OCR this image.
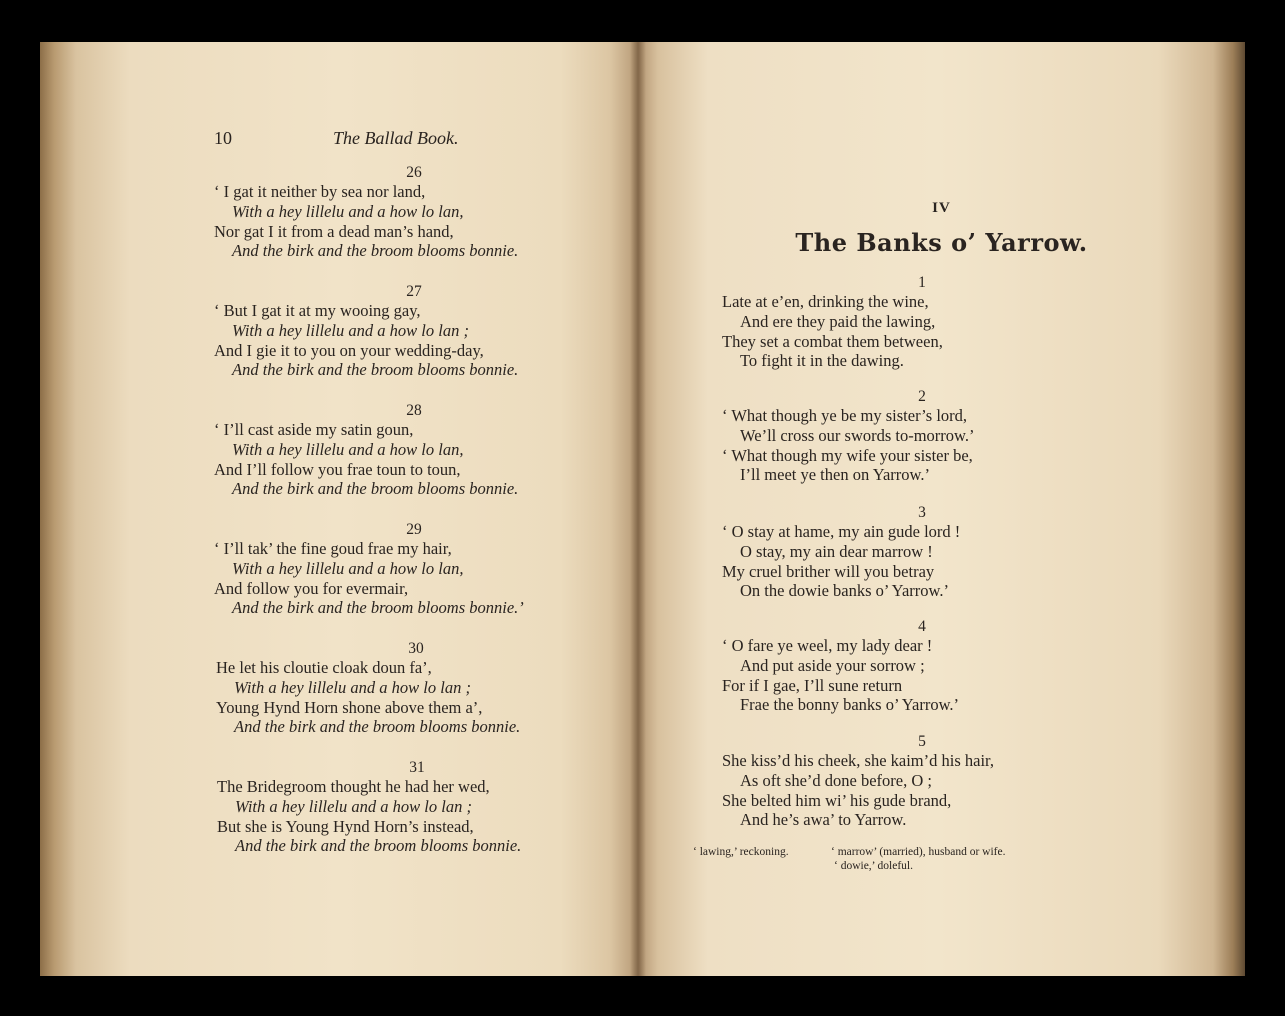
10	The Ballad Book.
26
‘ I gat it neither by sea nor land,
With a hey lillelu and a how lo lan,
Nor gat I it from a dead man’s hand,
And the birk and the broom blooms bonnie.
27
‘ But I gat it at my wooing gay,
With a hey lillelu and a how lo lan ;
And I gie it to you on your wedding-day,
And the birk and the broom blooms bonnie.
28
‘ I’ll cast aside my satin goun,
With a hey lillelu and a how lo lan,
And I’ll follow you frae toun to toun,
And the birk and the broom blooms bonnie.
29
‘ I’ll tak’ the fine goud frae my hair,
With a hey lillelu and a how lo lan,
And follow you for evermair,
And the birk and the broom blooms bonnie.’
30
He let his cloutie cloak doun fa’,
With a hey lillelu and a how lo lan ;
Young Hynd Horn shone above them a’,
And the birk and the broom blooms bonnie.
31
The Bridegroom thought he had her wed,
With a hey lillelu and a how lo lan ;
But she is Young Hynd Horn’s instead,
And the birk and the broom blooms bonnie.
IV
The Banks o’ Yarrow.
1
Late at e’en, drinking the wine,
And ere they paid the lawing,
They set a combat them between,
To fight it in the dawing.
2
‘ What though ye be my sister’s lord,
We’ll cross our swords to-morrow.’
‘ What though my wife your sister be,
I’ll meet ye then on Yarrow.’
3
‘ O stay at hame, my ain gude lord !
O stay, my ain dear marrow !
My cruel brither will you betray
On the dowie banks o’ Yarrow.’
4
‘ O fare ye weel, my lady dear !
And put aside your sorrow ;
For if I gae, I’ll sune return
Frae the bonny banks o’ Yarrow.’
5
She kiss’d his cheek, she kaim’d his hair,
As oft she’d done before, O ;
She belted him wi’ his gude brand,
And he’s awa’ to Yarrow.
‘ lawing,’ reckoning.	‘ marrow’ (married), husband or wife.
‘ dowie,’ doleful.
